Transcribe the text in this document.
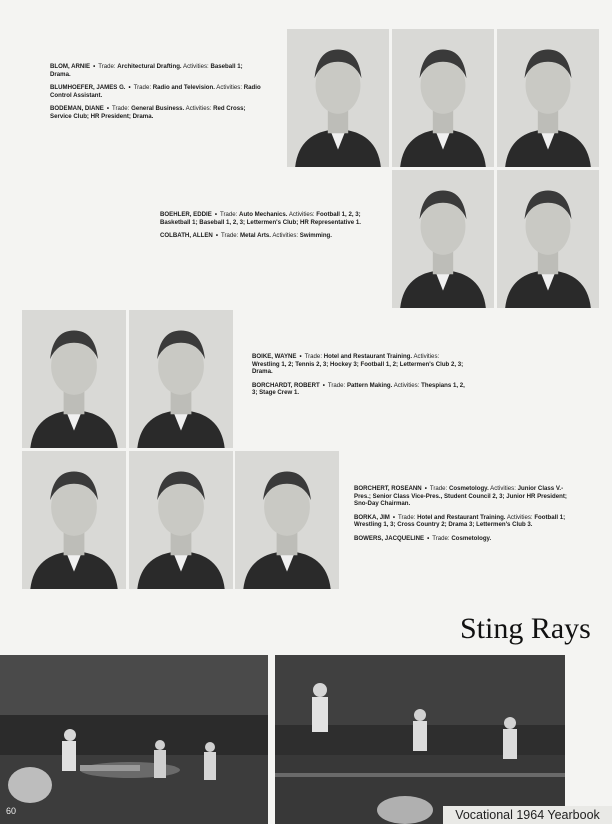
BLOM, ARNIE • Trade: Architectural Drafting. Activities: Baseball 1; Drama.

BLUMHOEFER, JAMES G. • Trade: Radio and Television. Activities: Radio Control Assistant.

BODEMAN, DIANE • Trade: General Business. Activities: Red Cross; Service Club; HR President; Drama.

BOEHLER, EDDIE • Trade: Auto Mechanics. Activities: Football 1, 2, 3; Basketball 1; Baseball 1, 2, 3; Lettermen's Club; HR Representative 1.

COLBATH, ALLEN • Trade: Metal Arts. Activities: Swimming.

BOIKE, WAYNE • Trade: Hotel and Restaurant Training. Activities: Wrestling 1, 2; Tennis 2, 3; Hockey 3; Football 1, 2; Lettermen's Club 2, 3; Drama.

BORCHARDT, ROBERT • Trade: Pattern Making. Activities: Thespians 1, 2, 3; Stage Crew 1.

BORCHERT, ROSEANN • Trade: Cosmetology. Activities: Junior Class V.-Pres.; Senior Class Vice-Pres., Student Council 2, 3; Junior HR President; Sno-Day Chairman.

BORKA, JIM • Trade: Hotel and Restaurant Training. Activities: Football 1; Wrestling 1, 3; Cross Country 2; Drama 3; Lettermen's Club 3.

BOWERS, JACQUELINE • Trade: Cosmetology.

Sting Rays
60	Vocational 1964 Yearbook
